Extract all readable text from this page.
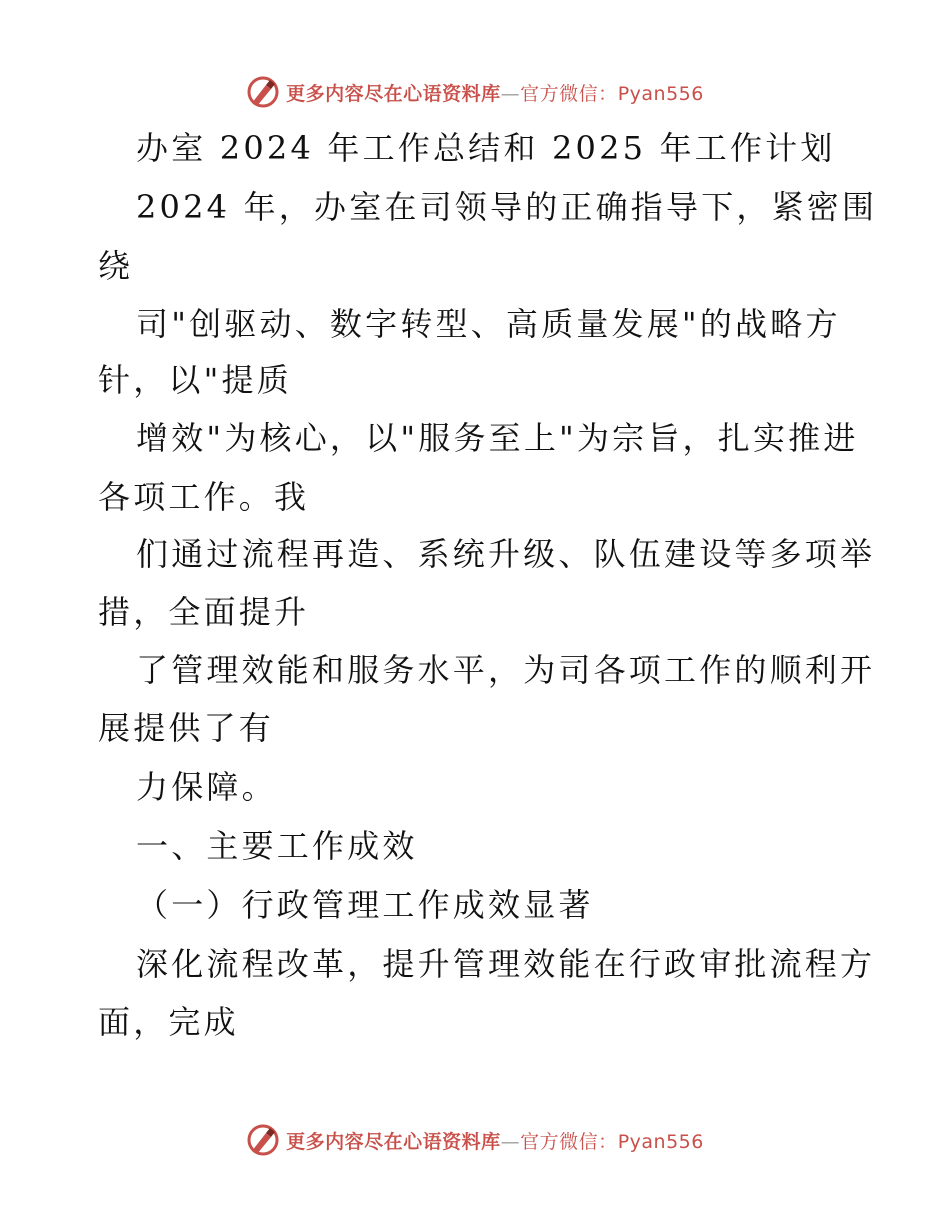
更多内容尽在心语资料库—官方微信：Pyan556
办室 2024 年工作总结和 2025 年工作计划
2024 年，办室在司领导的正确指导下，紧密围
绕
司"创驱动、数字转型、高质量发展"的战略方
针，以"提质
增效"为核心，以"服务至上"为宗旨，扎实推进
各项工作。我
们通过流程再造、系统升级、队伍建设等多项举
措，全面提升
了管理效能和服务水平，为司各项工作的顺利开
展提供了有
力保障。
一、主要工作成效
（一）行政管理工作成效显著
深化流程改革，提升管理效能在行政审批流程方
面，完成
更多内容尽在心语资料库—官方微信：Pyan556
